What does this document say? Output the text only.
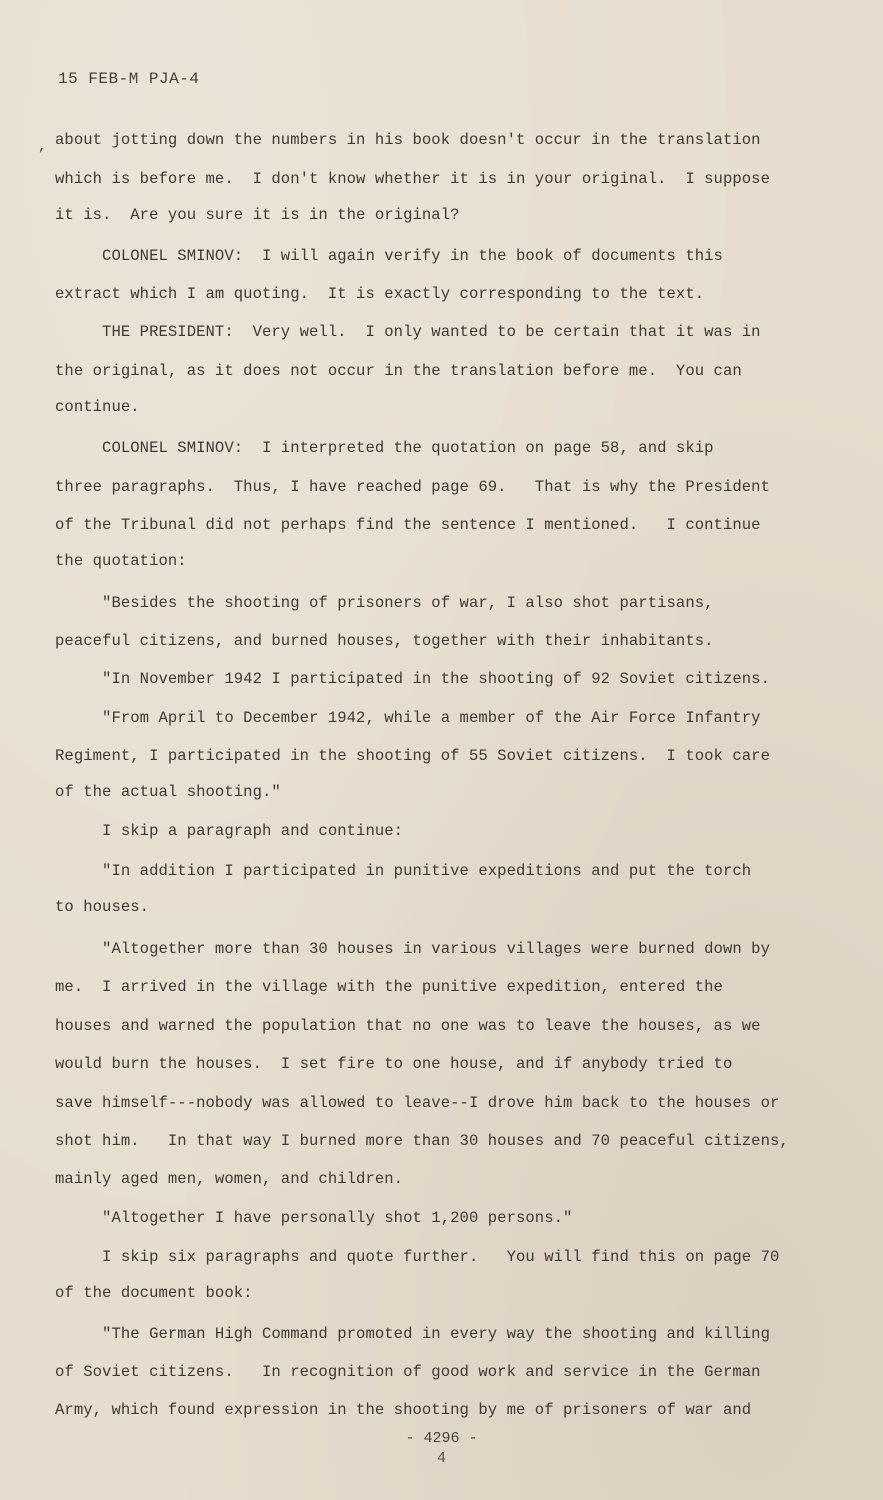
15 FEB-M PJA-4
, about jotting down the numbers in his book doesn't occur in the translation
which is before me.  I don't know whether it is in your original.  I suppose
it is.  Are you sure it is in the original?
COLONEL SMINOV:  I will again verify in the book of documents this
extract which I am quoting.  It is exactly corresponding to the text.
THE PRESIDENT:  Very well.  I only wanted to be certain that it was in
the original, as it does not occur in the translation before me.  You can
continue.
COLONEL SMINOV:  I interpreted the quotation on page 58, and skip
three paragraphs.  Thus, I have reached page 69.   That is why the President
of the Tribunal did not perhaps find the sentence I mentioned.   I continue
the quotation:
"Besides the shooting of prisoners of war, I also shot partisans,
peaceful citizens, and burned houses, together with their inhabitants.
"In November 1942 I participated in the shooting of 92 Soviet citizens.
"From April to December 1942, while a member of the Air Force Infantry
Regiment, I participated in the shooting of 55 Soviet citizens.  I took care
of the actual shooting."
I skip a paragraph and continue:
"In addition I participated in punitive expeditions and put the torch
to houses.
"Altogether more than 30 houses in various villages were burned down by
me.  I arrived in the village with the punitive expedition, entered the
houses and warned the population that no one was to leave the houses, as we
would burn the houses.  I set fire to one house, and if anybody tried to
save himself---nobody was allowed to leave--I drove him back to the houses or
shot him.   In that way I burned more than 30 houses and 70 peaceful citizens,
mainly aged men, women, and children.
"Altogether I have personally shot 1,200 persons."
I skip six paragraphs and quote further.   You will find this on page 70
of the document book:
"The German High Command promoted in every way the shooting and killing
of Soviet citizens.   In recognition of good work and service in the German
Army, which found expression in the shooting by me of prisoners of war and
- 4296 -
4
